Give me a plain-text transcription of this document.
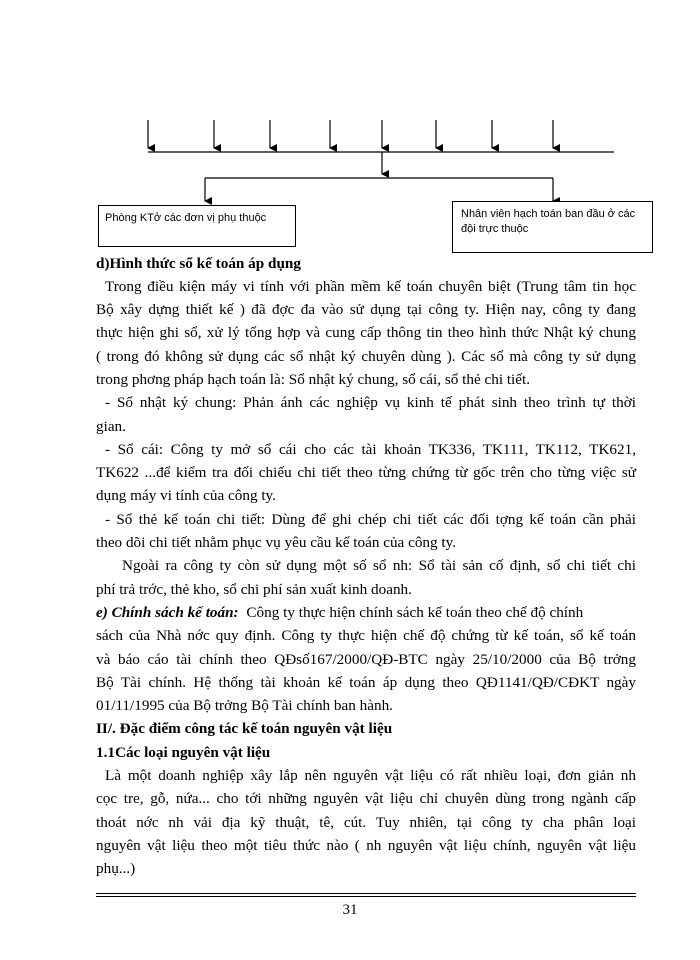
Phòng KTở các đơn vị phụ thuộc	Nhân viên hạch toán ban đầu ở các đội trực thuộc
d)Hình thức sổ kế toán áp dụng
Trong điều kiện máy vi tính với phần mềm kế toán chuyên biệt (Trung tâm tin học
Bộ xây dựng thiết kế ) đã đợc đa vào sử dụng tại công ty. Hiện nay, công ty đang
thực hiện ghi sổ, xử lý tổng hợp và cung cấp thông tin theo hình thức Nhật ký chung
( trong đó không sử dụng các sổ nhật ký chuyên dùng ). Các sổ mà công ty sử dụng
trong phơng pháp hạch toán là: Sổ nhật ký chung, sổ cái, sổ thẻ chi tiết.
- Sổ nhật ký chung: Phản ánh các nghiệp vụ kinh tế phát sinh theo trình tự thời
gian.
- Sổ cái: Công ty mở sổ cái cho các tài khoản TK336, TK111, TK112, TK621,
TK622 ...để kiểm tra đối chiếu chi tiết theo từng chứng từ gốc trên cho từng việc sử
dụng máy vi tính của công ty.
- Sổ thẻ kế toán chi tiết: Dùng để ghi chép chi tiết các đối tợng kế toán cần phải
theo dõi chi tiết nhằm phục vụ yêu cầu kế toán của công ty.
Ngoài ra công ty còn sử dụng một số sổ nh: Sổ tài sản cố định, sổ chi tiết chi
phí trả trớc, thẻ kho, sổ chi phí sản xuất kinh doanh.
e) Chính sách kế toán: Công ty thực hiện chính sách kế toán theo chế độ chính
sách của Nhà nớc quy định. Công ty thực hiện chế độ chứng từ kế toán, sổ kế toán
và báo cáo tài chính theo QĐsố167/2000/QĐ-BTC ngày 25/10/2000 của Bộ trởng
Bộ Tài chính. Hệ thống tài khoản kế toán áp dụng theo QĐ1141/QĐ/CĐKT ngày
01/11/1995 của Bộ trởng Bộ Tài chính ban hành.
II/. Đặc điểm công tác kế toán nguyên vật liệu
1.1Các loại nguyên vật liệu
Là một doanh nghiệp xây lắp nên nguyên vật liệu có rất nhiều loại, đơn giản nh
cọc tre, gỗ, nứa... cho tới những nguyên vật liệu chỉ chuyên dùng trong ngành cấp
thoát nớc nh vải địa kỹ thuật, tê, cút. Tuy nhiên, tại công ty cha phân loại
nguyên vật liệu theo một tiêu thức nào ( nh nguyên vật liệu chính, nguyên vật liệu
phụ...)
31
